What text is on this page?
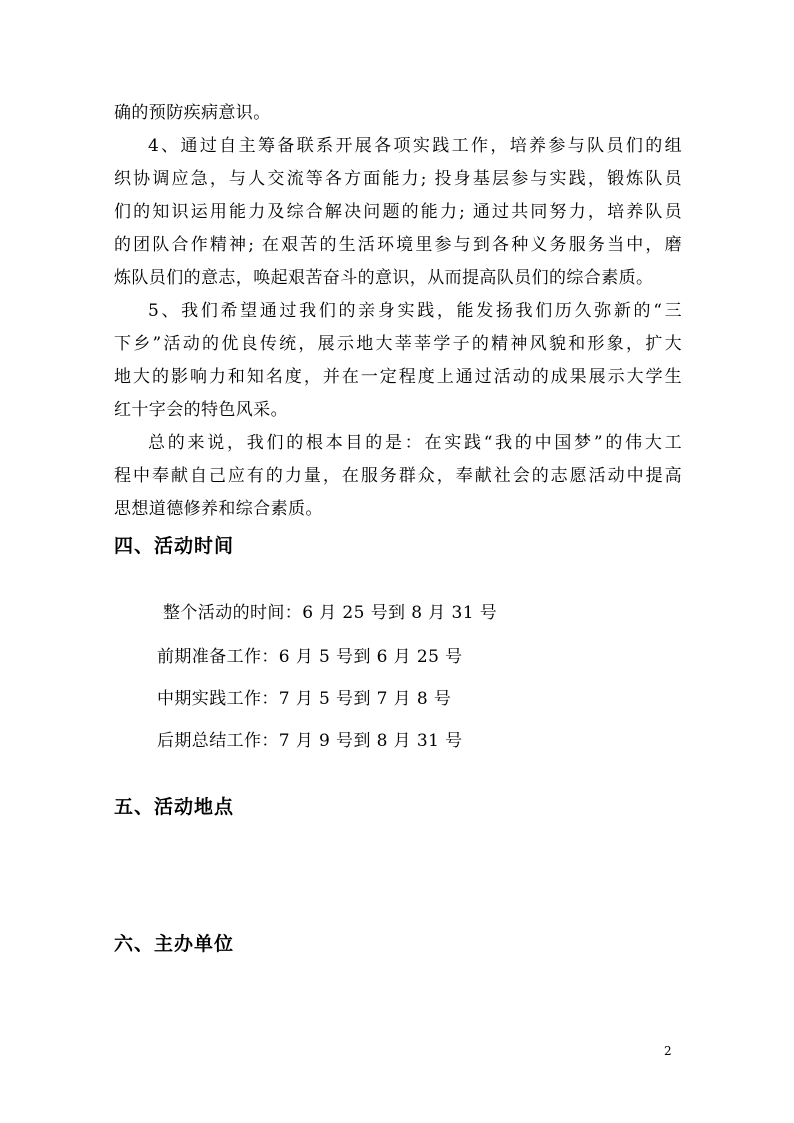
确的预防疾病意识。
4、通过自主筹备联系开展各项实践工作，培养参与队员们的组
织协调应急，与人交流等各方面能力; 投身基层参与实践，锻炼队员
们的知识运用能力及综合解决问题的能力; 通过共同努力，培养队员
的团队合作精神; 在艰苦的生活环境里参与到各种义务服务当中，磨
炼队员们的意志，唤起艰苦奋斗的意识，从而提高队员们的综合素质。
5、我们希望通过我们的亲身实践，能发扬我们历久弥新的“三
下乡”活动的优良传统，展示地大莘莘学子的精神风貌和形象，扩大
地大的影响力和知名度，并在一定程度上通过活动的成果展示大学生
红十字会的特色风采。
总的来说，我们的根本目的是：在实践“我的中国梦”的伟大工
程中奉献自己应有的力量，在服务群众，奉献社会的志愿活动中提高
思想道德修养和综合素质。
四、活动时间
整个活动的时间：6 月 25 号到 8 月 31 号
前期准备工作：6 月 5 号到 6 月 25 号
中期实践工作：7 月 5 号到 7 月 8 号
后期总结工作：7 月 9 号到 8 月 31 号
五、活动地点
六、主办单位
2
